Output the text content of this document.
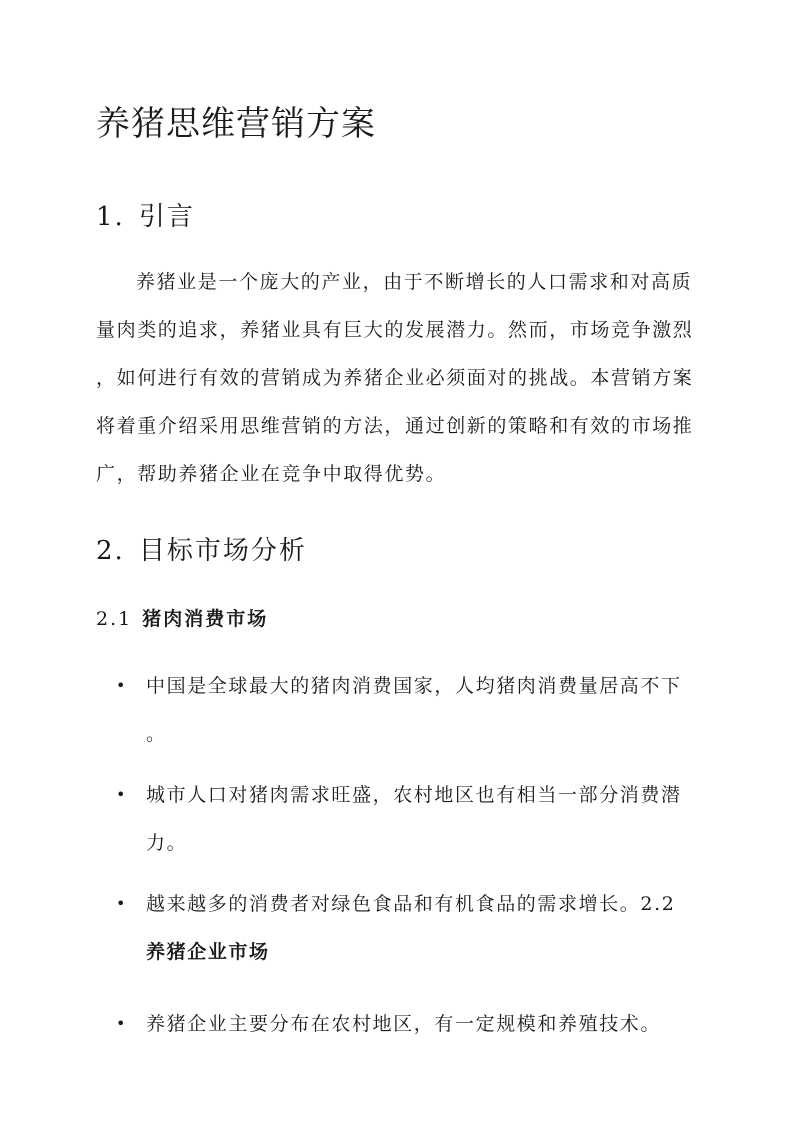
养猪思维营销方案
1. 引言
养猪业是一个庞大的产业，由于不断增长的人口需求和对高质
量肉类的追求，养猪业具有巨大的发展潜力。然而，市场竞争激烈
，如何进行有效的营销成为养猪企业必须面对的挑战。本营销方案
将着重介绍采用思维营销的方法，通过创新的策略和有效的市场推
广，帮助养猪企业在竞争中取得优势。
2. 目标市场分析
2.1 猪肉消费市场
• 中国是全球最大的猪肉消费国家，人均猪肉消费量居高不下
。
• 城市人口对猪肉需求旺盛，农村地区也有相当一部分消费潜
力。
• 越来越多的消费者对绿色食品和有机食品的需求增长。2.2
养猪企业市场
• 养猪企业主要分布在农村地区，有一定规模和养殖技术。
